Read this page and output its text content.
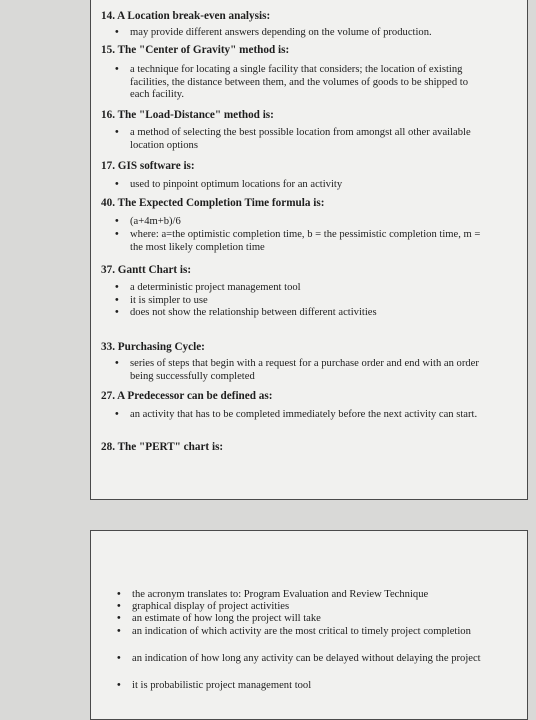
14. A Location break-even analysis:
• may provide different answers depending on the volume of production.
15. The "Center of Gravity" method is:
• a technique for locating a single facility that considers; the location of existing facilities, the distance between them, and the volumes of goods to be shipped to each facility.
16. The "Load-Distance" method is:
• a method of selecting the best possible location from amongst all other available location options
17. GIS software is:
• used to pinpoint optimum locations for an activity
40. The Expected Completion Time formula is:
• (a+4m+b)/6
• where: a=the optimistic completion time, b = the pessimistic completion time, m = the most likely completion time
37. Gantt Chart is:
• a deterministic project management tool
• it is simpler to use
• does not show the relationship between different activities
33. Purchasing Cycle:
• series of steps that begin with a request for a purchase order and end with an order being successfully completed
27. A Predecessor can be defined as:
• an activity that has to be completed immediately before the next activity can start.
28. The "PERT" chart is:
• the acronym translates to: Program Evaluation and Review Technique
• graphical display of project activities
• an estimate of how long the project will take
• an indication of which activity are the most critical to timely project completion
• an indication of how long any activity can be delayed without delaying the project
• it is probabilistic project management tool
